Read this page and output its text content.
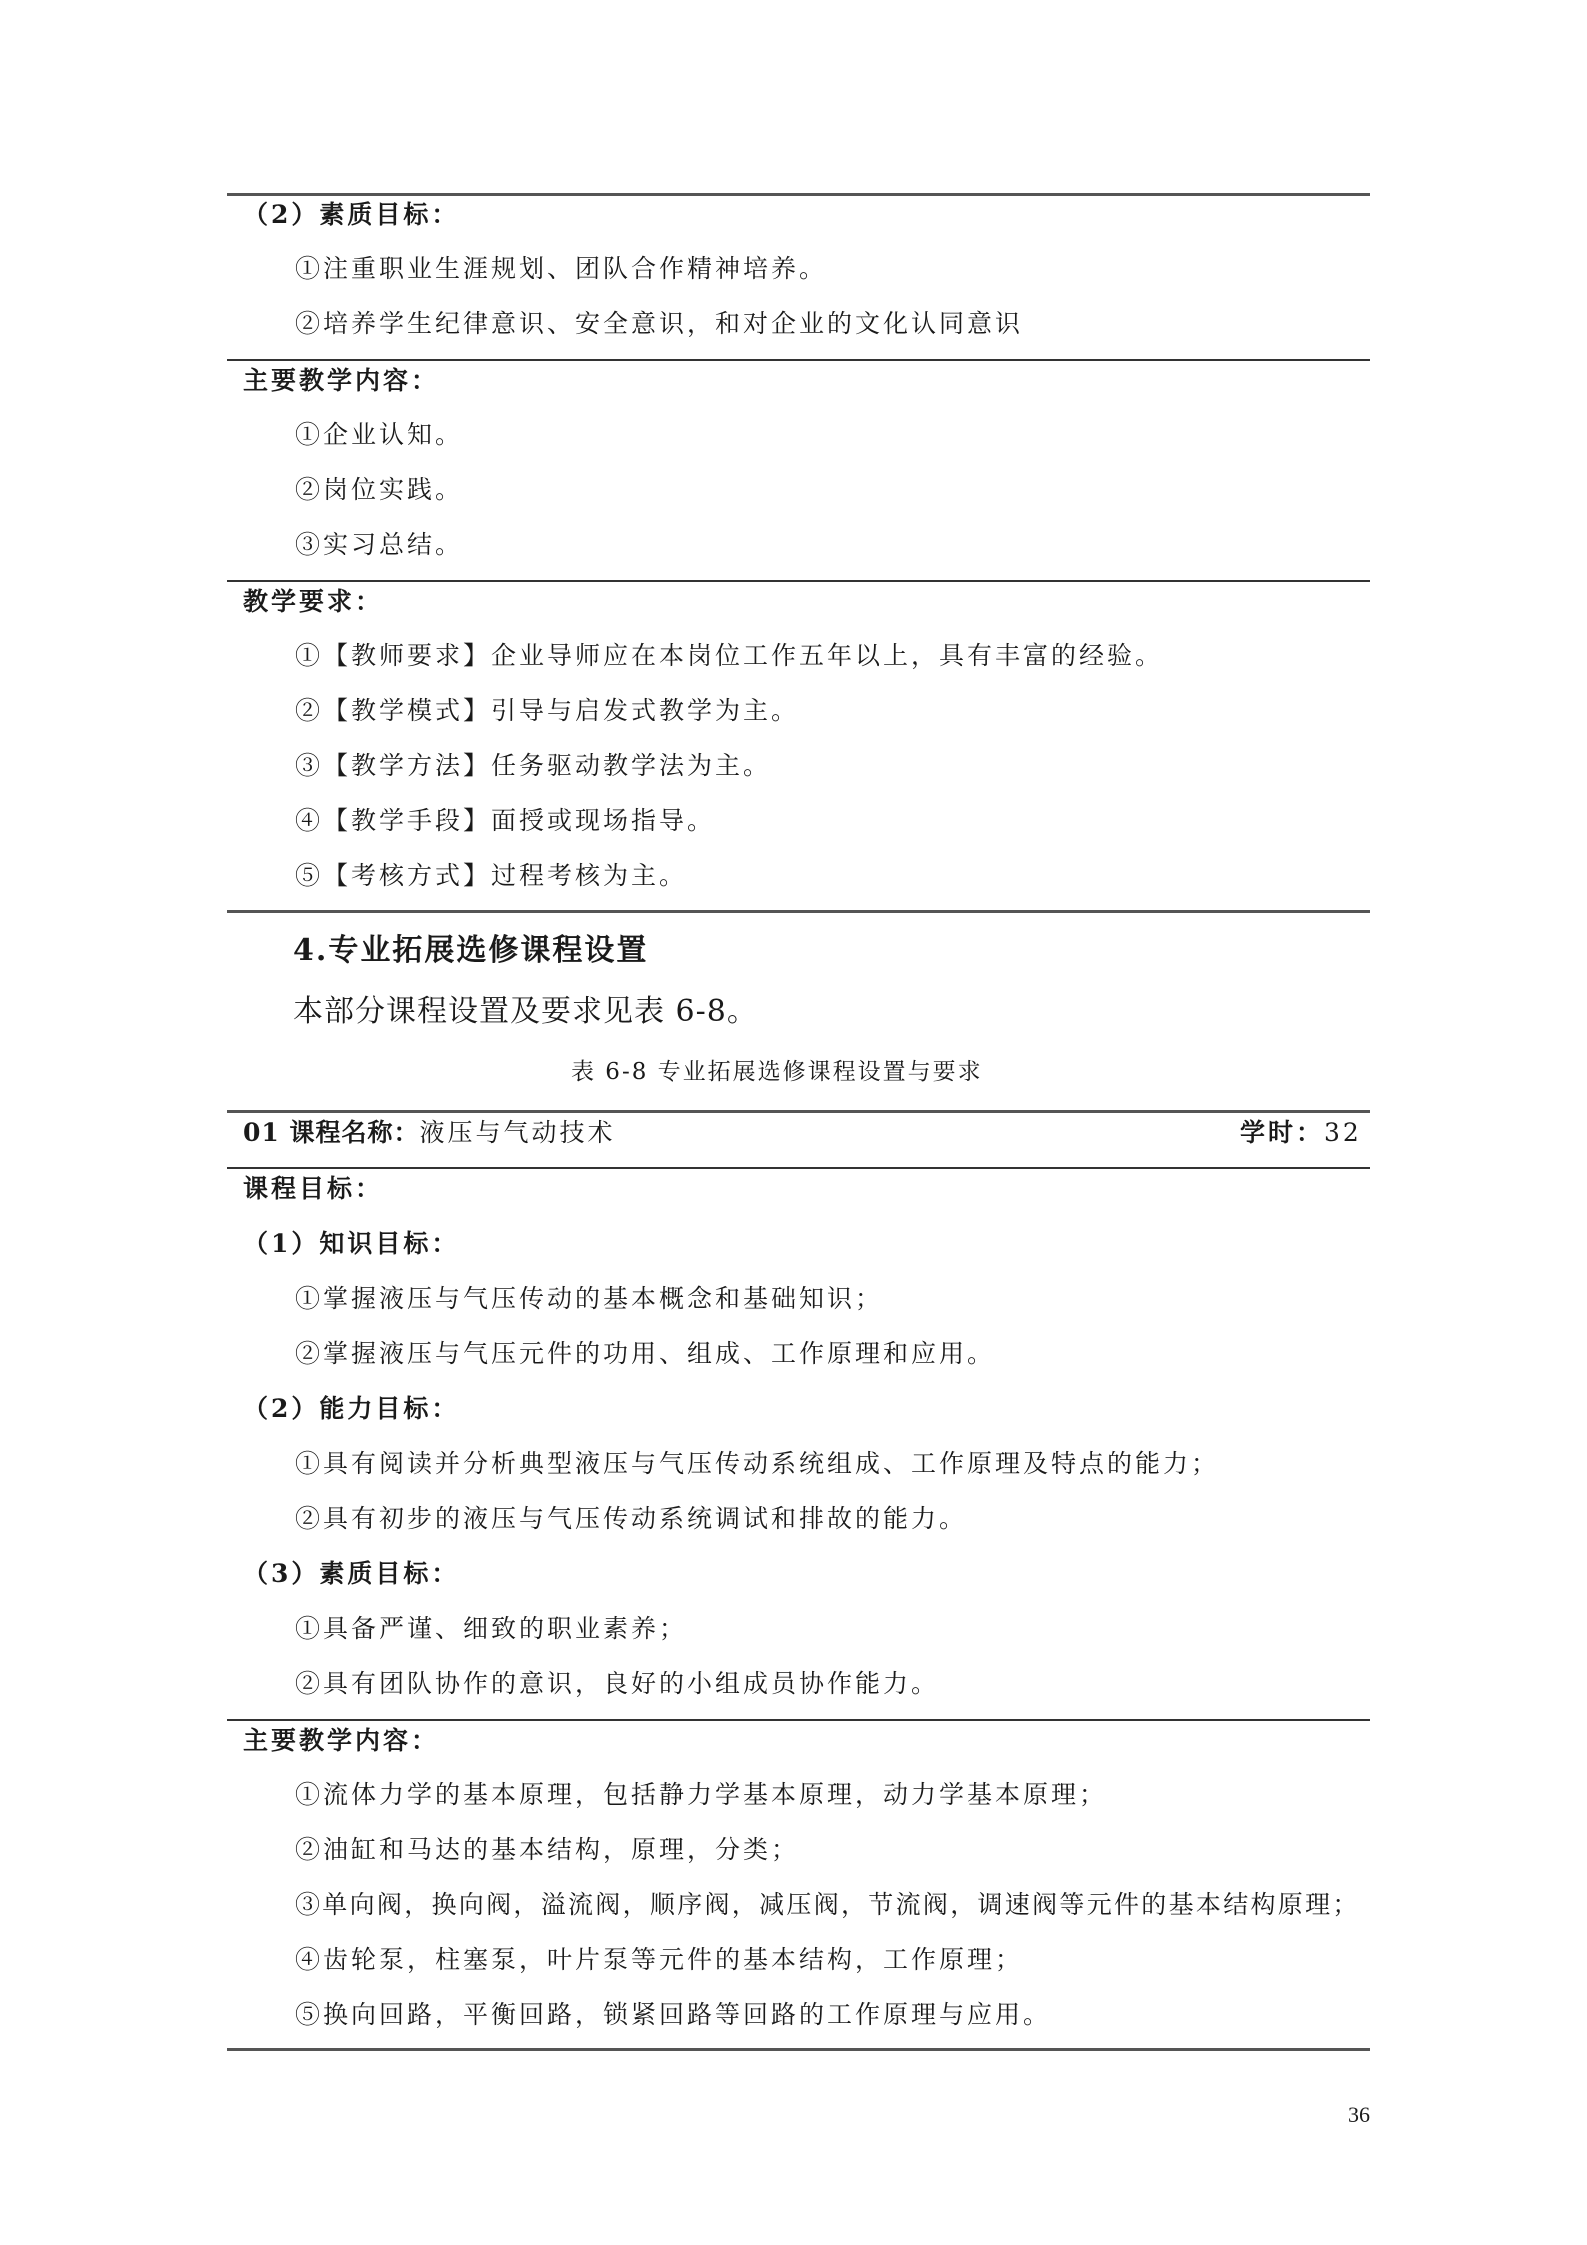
（2）素质目标：
①注重职业生涯规划、团队合作精神培养。
②培养学生纪律意识、安全意识，和对企业的文化认同意识
主要教学内容：
①企业认知。
②岗位实践。
③实习总结。
教学要求：
①【教师要求】企业导师应在本岗位工作五年以上，具有丰富的经验。
②【教学模式】引导与启发式教学为主。
③【教学方法】任务驱动教学法为主。
④【教学手段】面授或现场指导。
⑤【考核方式】过程考核为主。
4.专业拓展选修课程设置
本部分课程设置及要求见表 6-8。
表 6-8 专业拓展选修课程设置与要求
01 课程名称：液压与气动技术	学时：32
课程目标：
（1）知识目标：
①掌握液压与气压传动的基本概念和基础知识；
②掌握液压与气压元件的功用、组成、工作原理和应用。
（2）能力目标：
①具有阅读并分析典型液压与气压传动系统组成、工作原理及特点的能力；
②具有初步的液压与气压传动系统调试和排故的能力。
（3）素质目标：
①具备严谨、细致的职业素养；
②具有团队协作的意识，良好的小组成员协作能力。
主要教学内容：
①流体力学的基本原理，包括静力学基本原理，动力学基本原理；
②油缸和马达的基本结构，原理，分类；
③单向阀，换向阀，溢流阀，顺序阀，减压阀，节流阀，调速阀等元件的基本结构原理；
④齿轮泵，柱塞泵，叶片泵等元件的基本结构，工作原理；
⑤换向回路，平衡回路，锁紧回路等回路的工作原理与应用。
36
